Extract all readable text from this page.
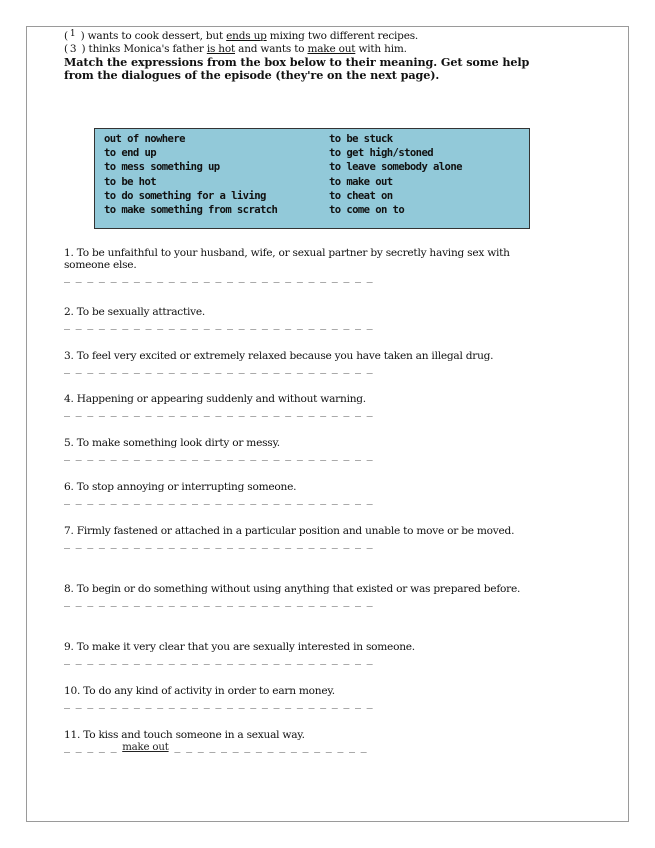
( 1 ) wants to cook dessert, but ends up mixing two different recipes.
( 3 ) thinks Monica's father is hot and wants to make out with him.
Match the expressions from the box below to their meaning. Get some help from the dialogues of the episode (they're on the next page).
out of nowhere	to be stuck
to end up	to get high/stoned
to mess something up	to leave somebody alone
to be hot	to make out
to do something for a living	to cheat on
to make something from scratch	to come on to
1. To be unfaithful to your husband, wife, or sexual partner by secretly having sex with someone else.
_ _ _ _ _ _ _ _ _ _ _ _ _ _ _ _ _ _ _ _ _ _ _ _ _ _ _
2. To be sexually attractive.
_ _ _ _ _ _ _ _ _ _ _ _ _ _ _ _ _ _ _ _ _ _ _ _ _ _ _
3. To feel very excited or extremely relaxed because you have taken an illegal drug.
_ _ _ _ _ _ _ _ _ _ _ _ _ _ _ _ _ _ _ _ _ _ _ _ _ _ _
4. Happening or appearing suddenly and without warning.
_ _ _ _ _ _ _ _ _ _ _ _ _ _ _ _ _ _ _ _ _ _ _ _ _ _ _
5. To make something look dirty or messy.
_ _ _ _ _ _ _ _ _ _ _ _ _ _ _ _ _ _ _ _ _ _ _ _ _ _ _
6. To stop annoying or interrupting someone.
_ _ _ _ _ _ _ _ _ _ _ _ _ _ _ _ _ _ _ _ _ _ _ _ _ _ _
7. Firmly fastened or attached in a particular position and unable to move or be moved.
_ _ _ _ _ _ _ _ _ _ _ _ _ _ _ _ _ _ _ _ _ _ _ _ _ _ _
8. To begin or do something without using anything that existed or was prepared before.
_ _ _ _ _ _ _ _ _ _ _ _ _ _ _ _ _ _ _ _ _ _ _ _ _ _ _
9. To make it very clear that you are sexually interested in someone.
_ _ _ _ _ _ _ _ _ _ _ _ _ _ _ _ _ _ _ _ _ _ _ _ _ _ _
10. To do any kind of activity in order to earn money.
_ _ _ _ _ _ _ _ _ _ _ _ _ _ _ _ _ _ _ _ _ _ _ _ _ _ _
11. To kiss and touch someone in a sexual way.
_ _ _ _ _ make out _ _ _ _ _ _ _ _ _ _ _ _ _ _ _ _ _
